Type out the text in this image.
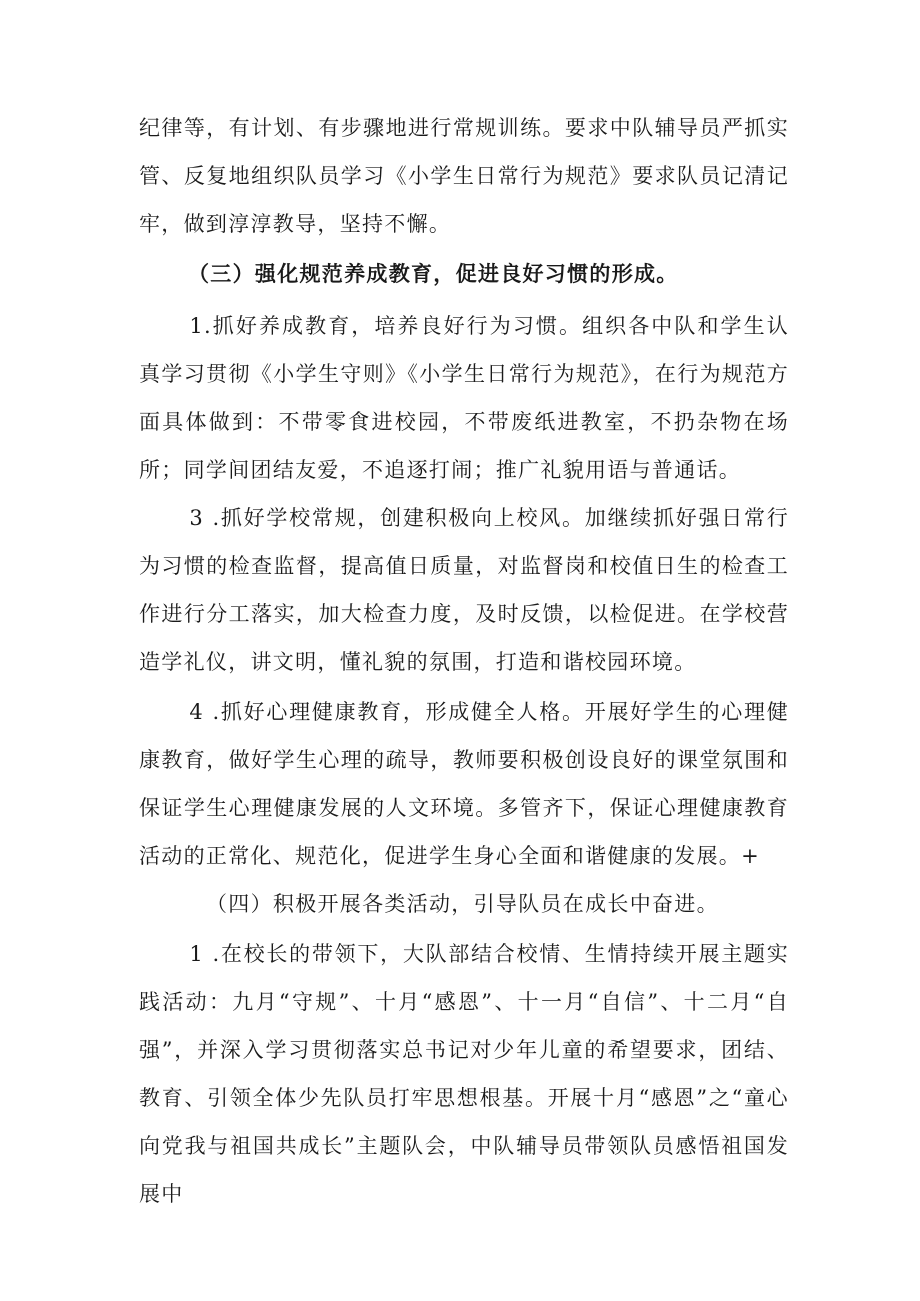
纪律等，有计划、有步骤地进行常规训练。要求中队辅导员严抓实管、反复地组织队员学习《小学生日常行为规范》要求队员记清记牢，做到淳淳教导，坚持不懈。

（三）强化规范养成教育，促进良好习惯的形成。

1.抓好养成教育，培养良好行为习惯。组织各中队和学生认真学习贯彻《小学生守则》《小学生日常行为规范》，在行为规范方面具体做到：不带零食进校园，不带废纸进教室，不扔杂物在场所；同学间团结友爱，不追逐打闹；推广礼貌用语与普通话。

3 .抓好学校常规，创建积极向上校风。加继续抓好强日常行为习惯的检查监督，提高值日质量，对监督岗和校值日生的检查工作进行分工落实，加大检查力度，及时反馈，以检促进。在学校营造学礼仪，讲文明，懂礼貌的氛围，打造和谐校园环境。

4 .抓好心理健康教育，形成健全人格。开展好学生的心理健康教育，做好学生心理的疏导，教师要积极创设良好的课堂氛围和保证学生心理健康发展的人文环境。多管齐下，保证心理健康教育活动的正常化、规范化，促进学生身心全面和谐健康的发展。+

（四）积极开展各类活动，引导队员在成长中奋进。

1 .在校长的带领下，大队部结合校情、生情持续开展主题实践活动：九月“守规”、十月“感恩”、十一月“自信”、十二月“自强”，并深入学习贯彻落实总书记对少年儿童的希望要求，团结、教育、引领全体少先队员打牢思想根基。开展十月“感恩”之“童心向党我与祖国共成长”主题队会，中队辅导员带领队员感悟祖国发展中
